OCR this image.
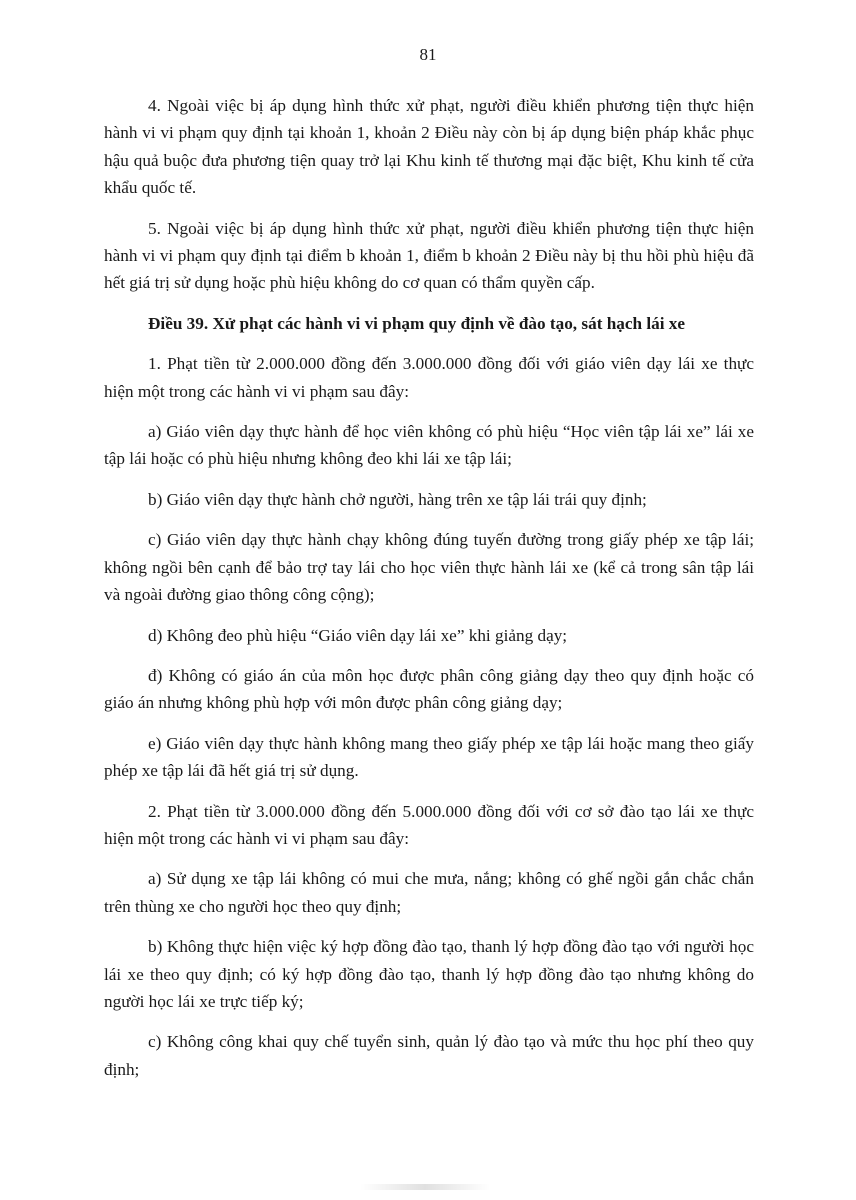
81

4. Ngoài việc bị áp dụng hình thức xử phạt, người điều khiển phương tiện thực hiện hành vi vi phạm quy định tại khoản 1, khoản 2 Điều này còn bị áp dụng biện pháp khắc phục hậu quả buộc đưa phương tiện quay trở lại Khu kinh tế thương mại đặc biệt, Khu kinh tế cửa khẩu quốc tế.

5. Ngoài việc bị áp dụng hình thức xử phạt, người điều khiển phương tiện thực hiện hành vi vi phạm quy định tại điểm b khoản 1, điểm b khoản 2 Điều này bị thu hồi phù hiệu đã hết giá trị sử dụng hoặc phù hiệu không do cơ quan có thẩm quyền cấp.

Điều 39. Xử phạt các hành vi vi phạm quy định về đào tạo, sát hạch lái xe

1. Phạt tiền từ 2.000.000 đồng đến 3.000.000 đồng đối với giáo viên dạy lái xe thực hiện một trong các hành vi vi phạm sau đây:

a) Giáo viên dạy thực hành để học viên không có phù hiệu “Học viên tập lái xe” lái xe tập lái hoặc có phù hiệu nhưng không đeo khi lái xe tập lái;

b) Giáo viên dạy thực hành chở người, hàng trên xe tập lái trái quy định;

c) Giáo viên dạy thực hành chạy không đúng tuyến đường trong giấy phép xe tập lái; không ngồi bên cạnh để bảo trợ tay lái cho học viên thực hành lái xe (kể cả trong sân tập lái và ngoài đường giao thông công cộng);

d) Không đeo phù hiệu “Giáo viên dạy lái xe” khi giảng dạy;

đ) Không có giáo án của môn học được phân công giảng dạy theo quy định hoặc có giáo án nhưng không phù hợp với môn được phân công giảng dạy;

e) Giáo viên dạy thực hành không mang theo giấy phép xe tập lái hoặc mang theo giấy phép xe tập lái đã hết giá trị sử dụng.

2. Phạt tiền từ 3.000.000 đồng đến 5.000.000 đồng đối với cơ sở đào tạo lái xe thực hiện một trong các hành vi vi phạm sau đây:

a) Sử dụng xe tập lái không có mui che mưa, nắng; không có ghế ngồi gắn chắc chắn trên thùng xe cho người học theo quy định;

b) Không thực hiện việc ký hợp đồng đào tạo, thanh lý hợp đồng đào tạo với người học lái xe theo quy định; có ký hợp đồng đào tạo, thanh lý hợp đồng đào tạo nhưng không do người học lái xe trực tiếp ký;

c) Không công khai quy chế tuyển sinh, quản lý đào tạo và mức thu học phí theo quy định;
